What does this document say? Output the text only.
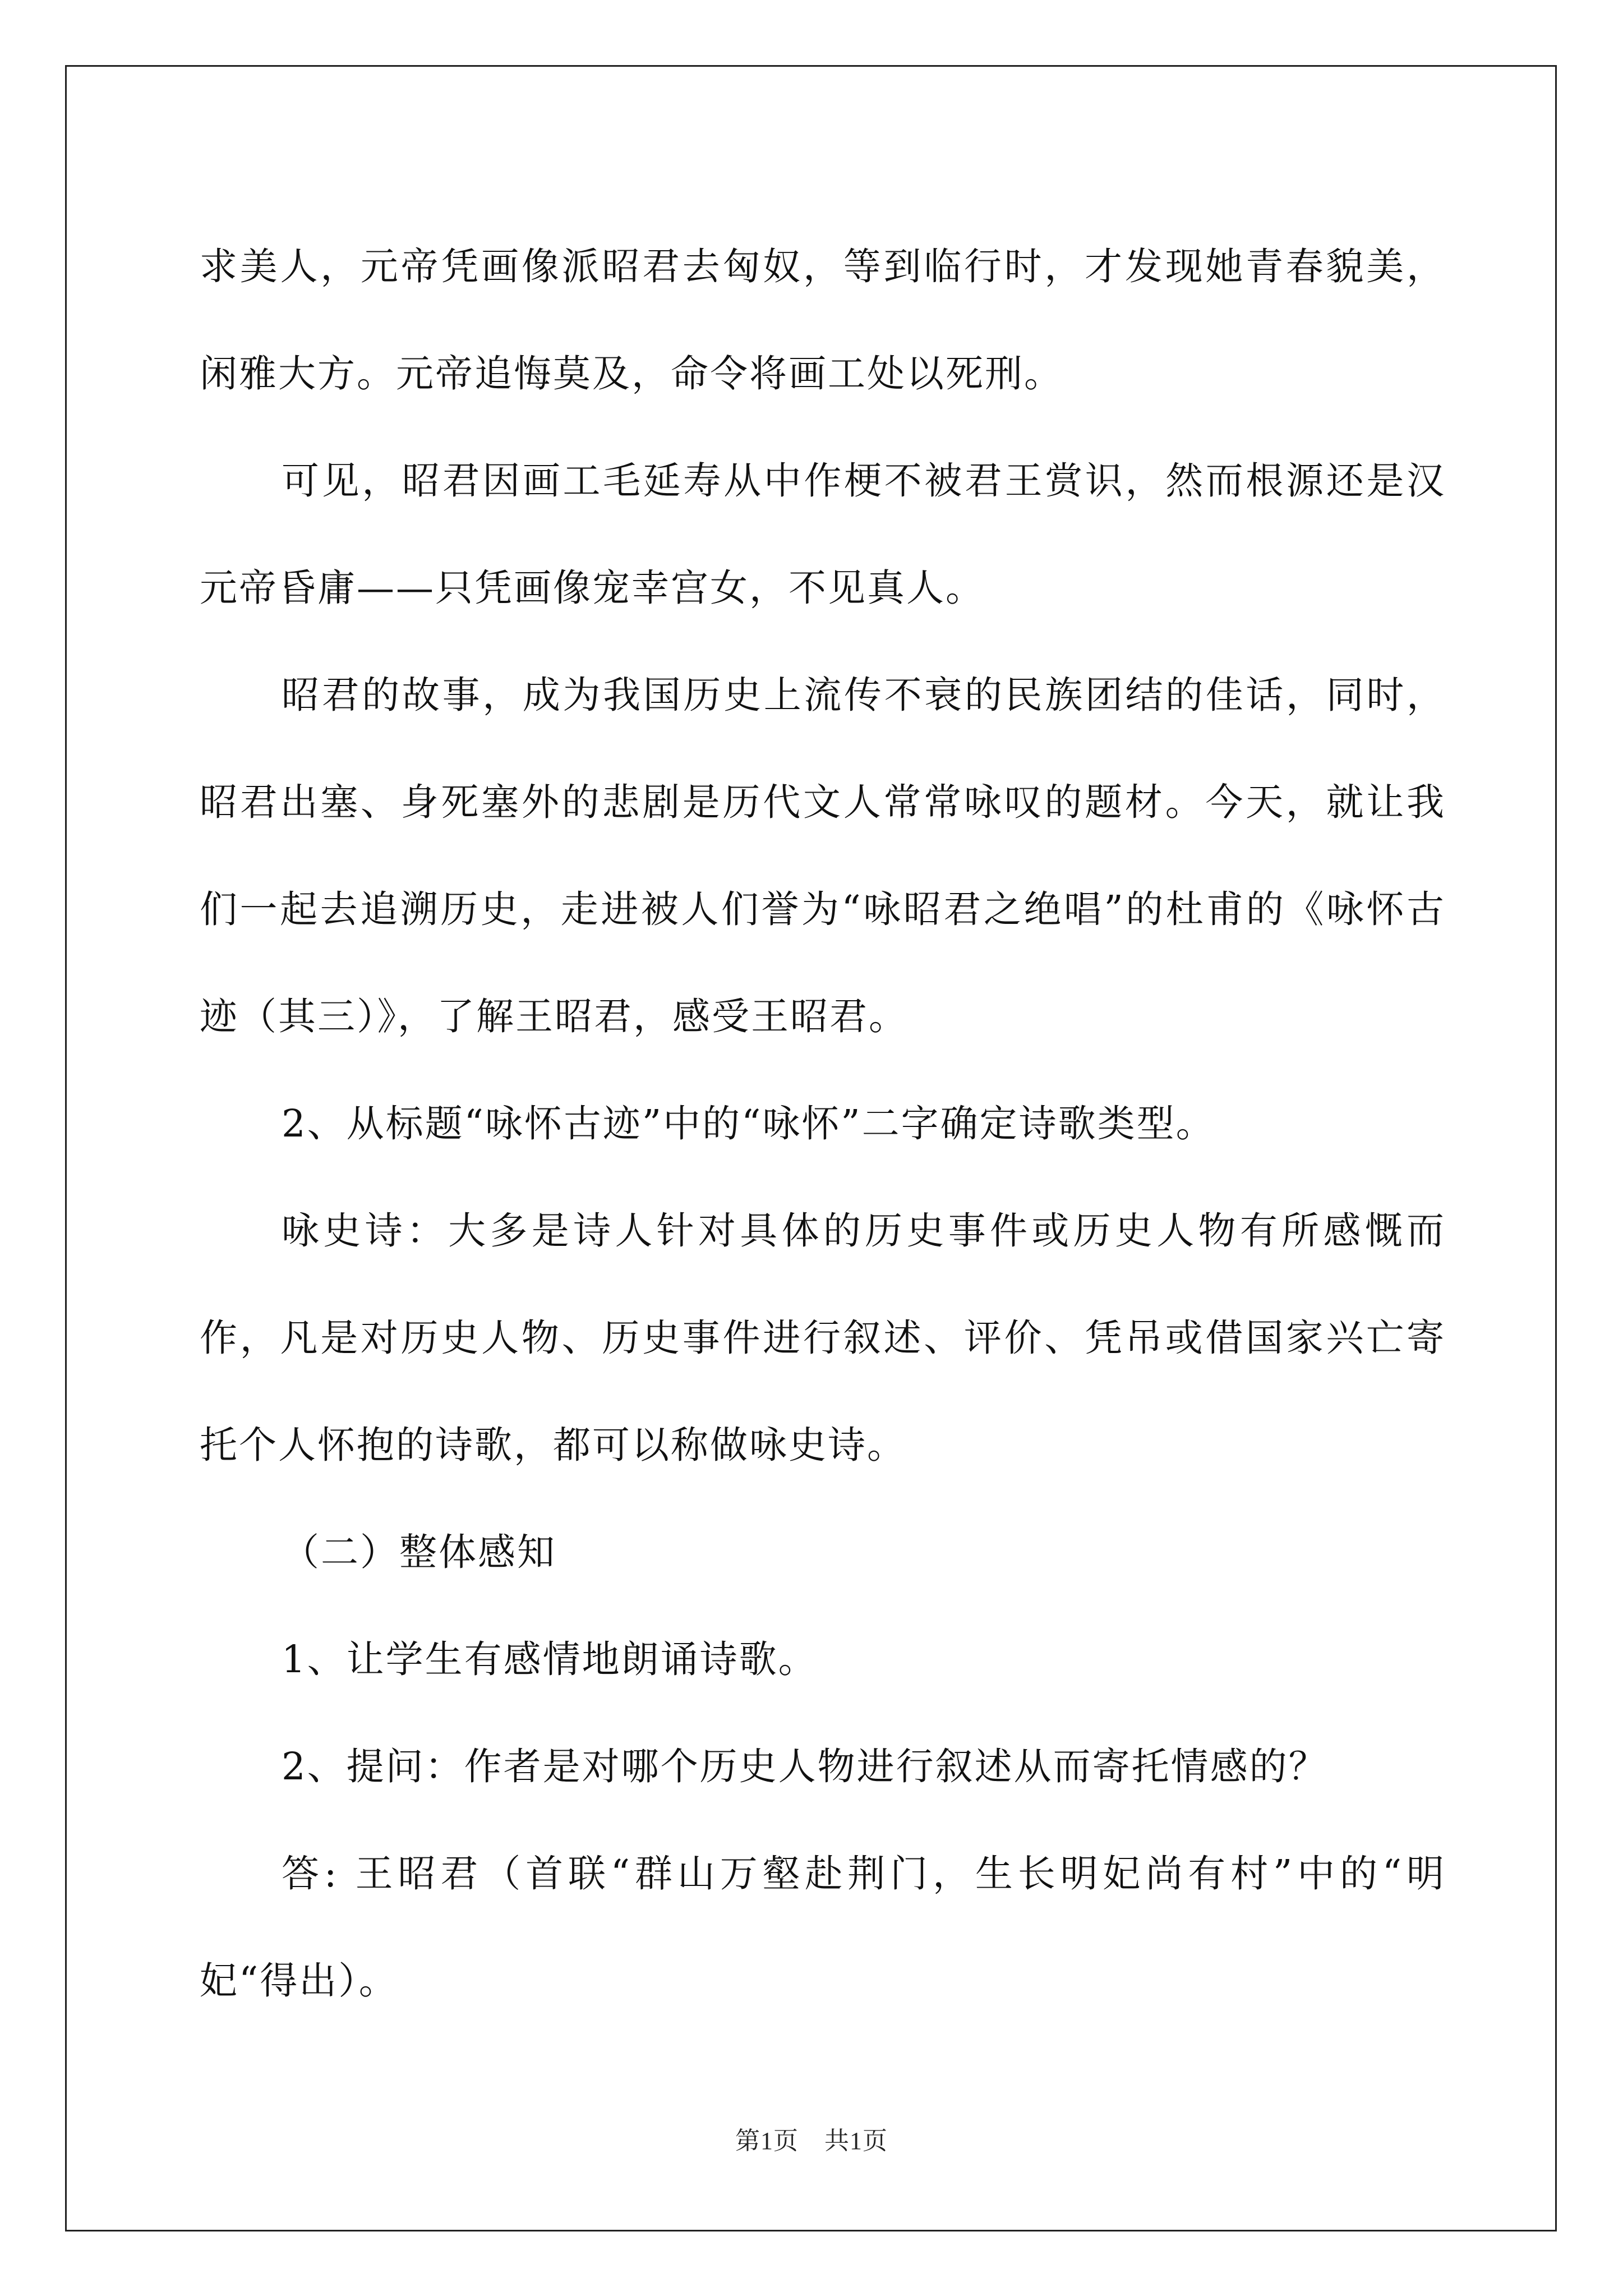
求美人，元帝凭画像派昭君去匈奴，等到临行时，才发现她青春貌美，闲雅大方。元帝追悔莫及，命令将画工处以死刑。

可见，昭君因画工毛延寿从中作梗不被君王赏识，然而根源还是汉元帝昏庸——只凭画像宠幸宫女，不见真人。

昭君的故事，成为我国历史上流传不衰的民族团结的佳话，同时，昭君出塞、身死塞外的悲剧是历代文人常常咏叹的题材。今天，就让我们一起去追溯历史，走进被人们誉为“咏昭君之绝唱”的杜甫的《咏怀古迹（其三）》，了解王昭君，感受王昭君。

2、从标题“咏怀古迹”中的“咏怀”二字确定诗歌类型。

咏史诗：大多是诗人针对具体的历史事件或历史人物有所感慨而作，凡是对历史人物、历史事件进行叙述、评价、凭吊或借国家兴亡寄托个人怀抱的诗歌，都可以称做咏史诗。

（二）整体感知

1、让学生有感情地朗诵诗歌。

2、提问：作者是对哪个历史人物进行叙述从而寄托情感的？

答: 王昭君（首联“群山万壑赴荆门，生长明妃尚有村”中的“明妃“得出）。

第1页 共1页
